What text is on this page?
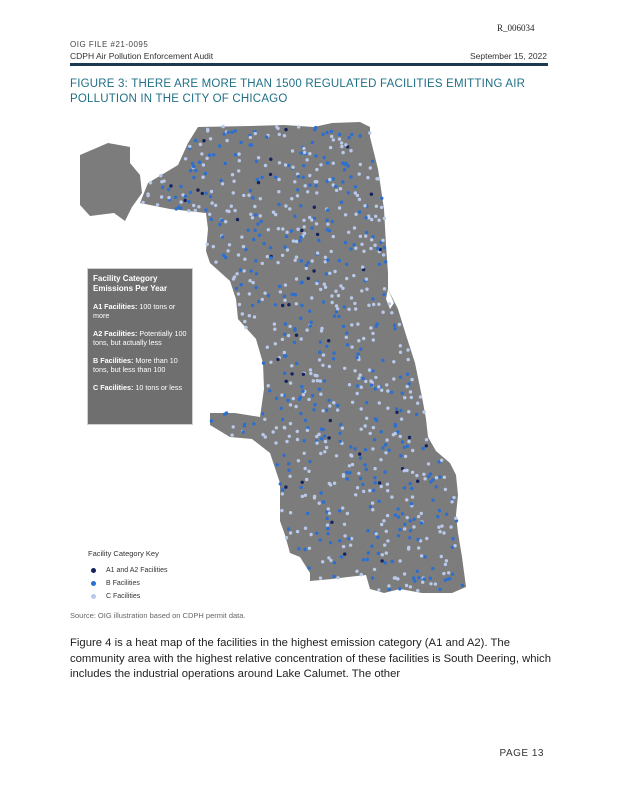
R_006034
OIG FILE #21-0095
CDPH Air Pollution Enforcement Audit	September 15, 2022
FIGURE 3: THERE ARE MORE THAN 1500 REGULATED FACILITIES EMITTING AIR POLLUTION IN THE CITY OF CHICAGO
Facility Category Emissions Per Year
A1 Facilities: 100 tons or more
A2 Facilities: Potentially 100 tons, but actually less
B Facilities: More than 10 tons, but less than 100
C Facilities: 10 tons or less
Facility Category Key
A1 and A2 Facilities
B Facilities
C Facilities
Source: OIG illustration based on CDPH permit data.
Figure 4 is a heat map of the facilities in the highest emission category (A1 and A2). The community area with the highest relative concentration of these facilities is South Deering, which includes the industrial operations around Lake Calumet. The other
PAGE 13
